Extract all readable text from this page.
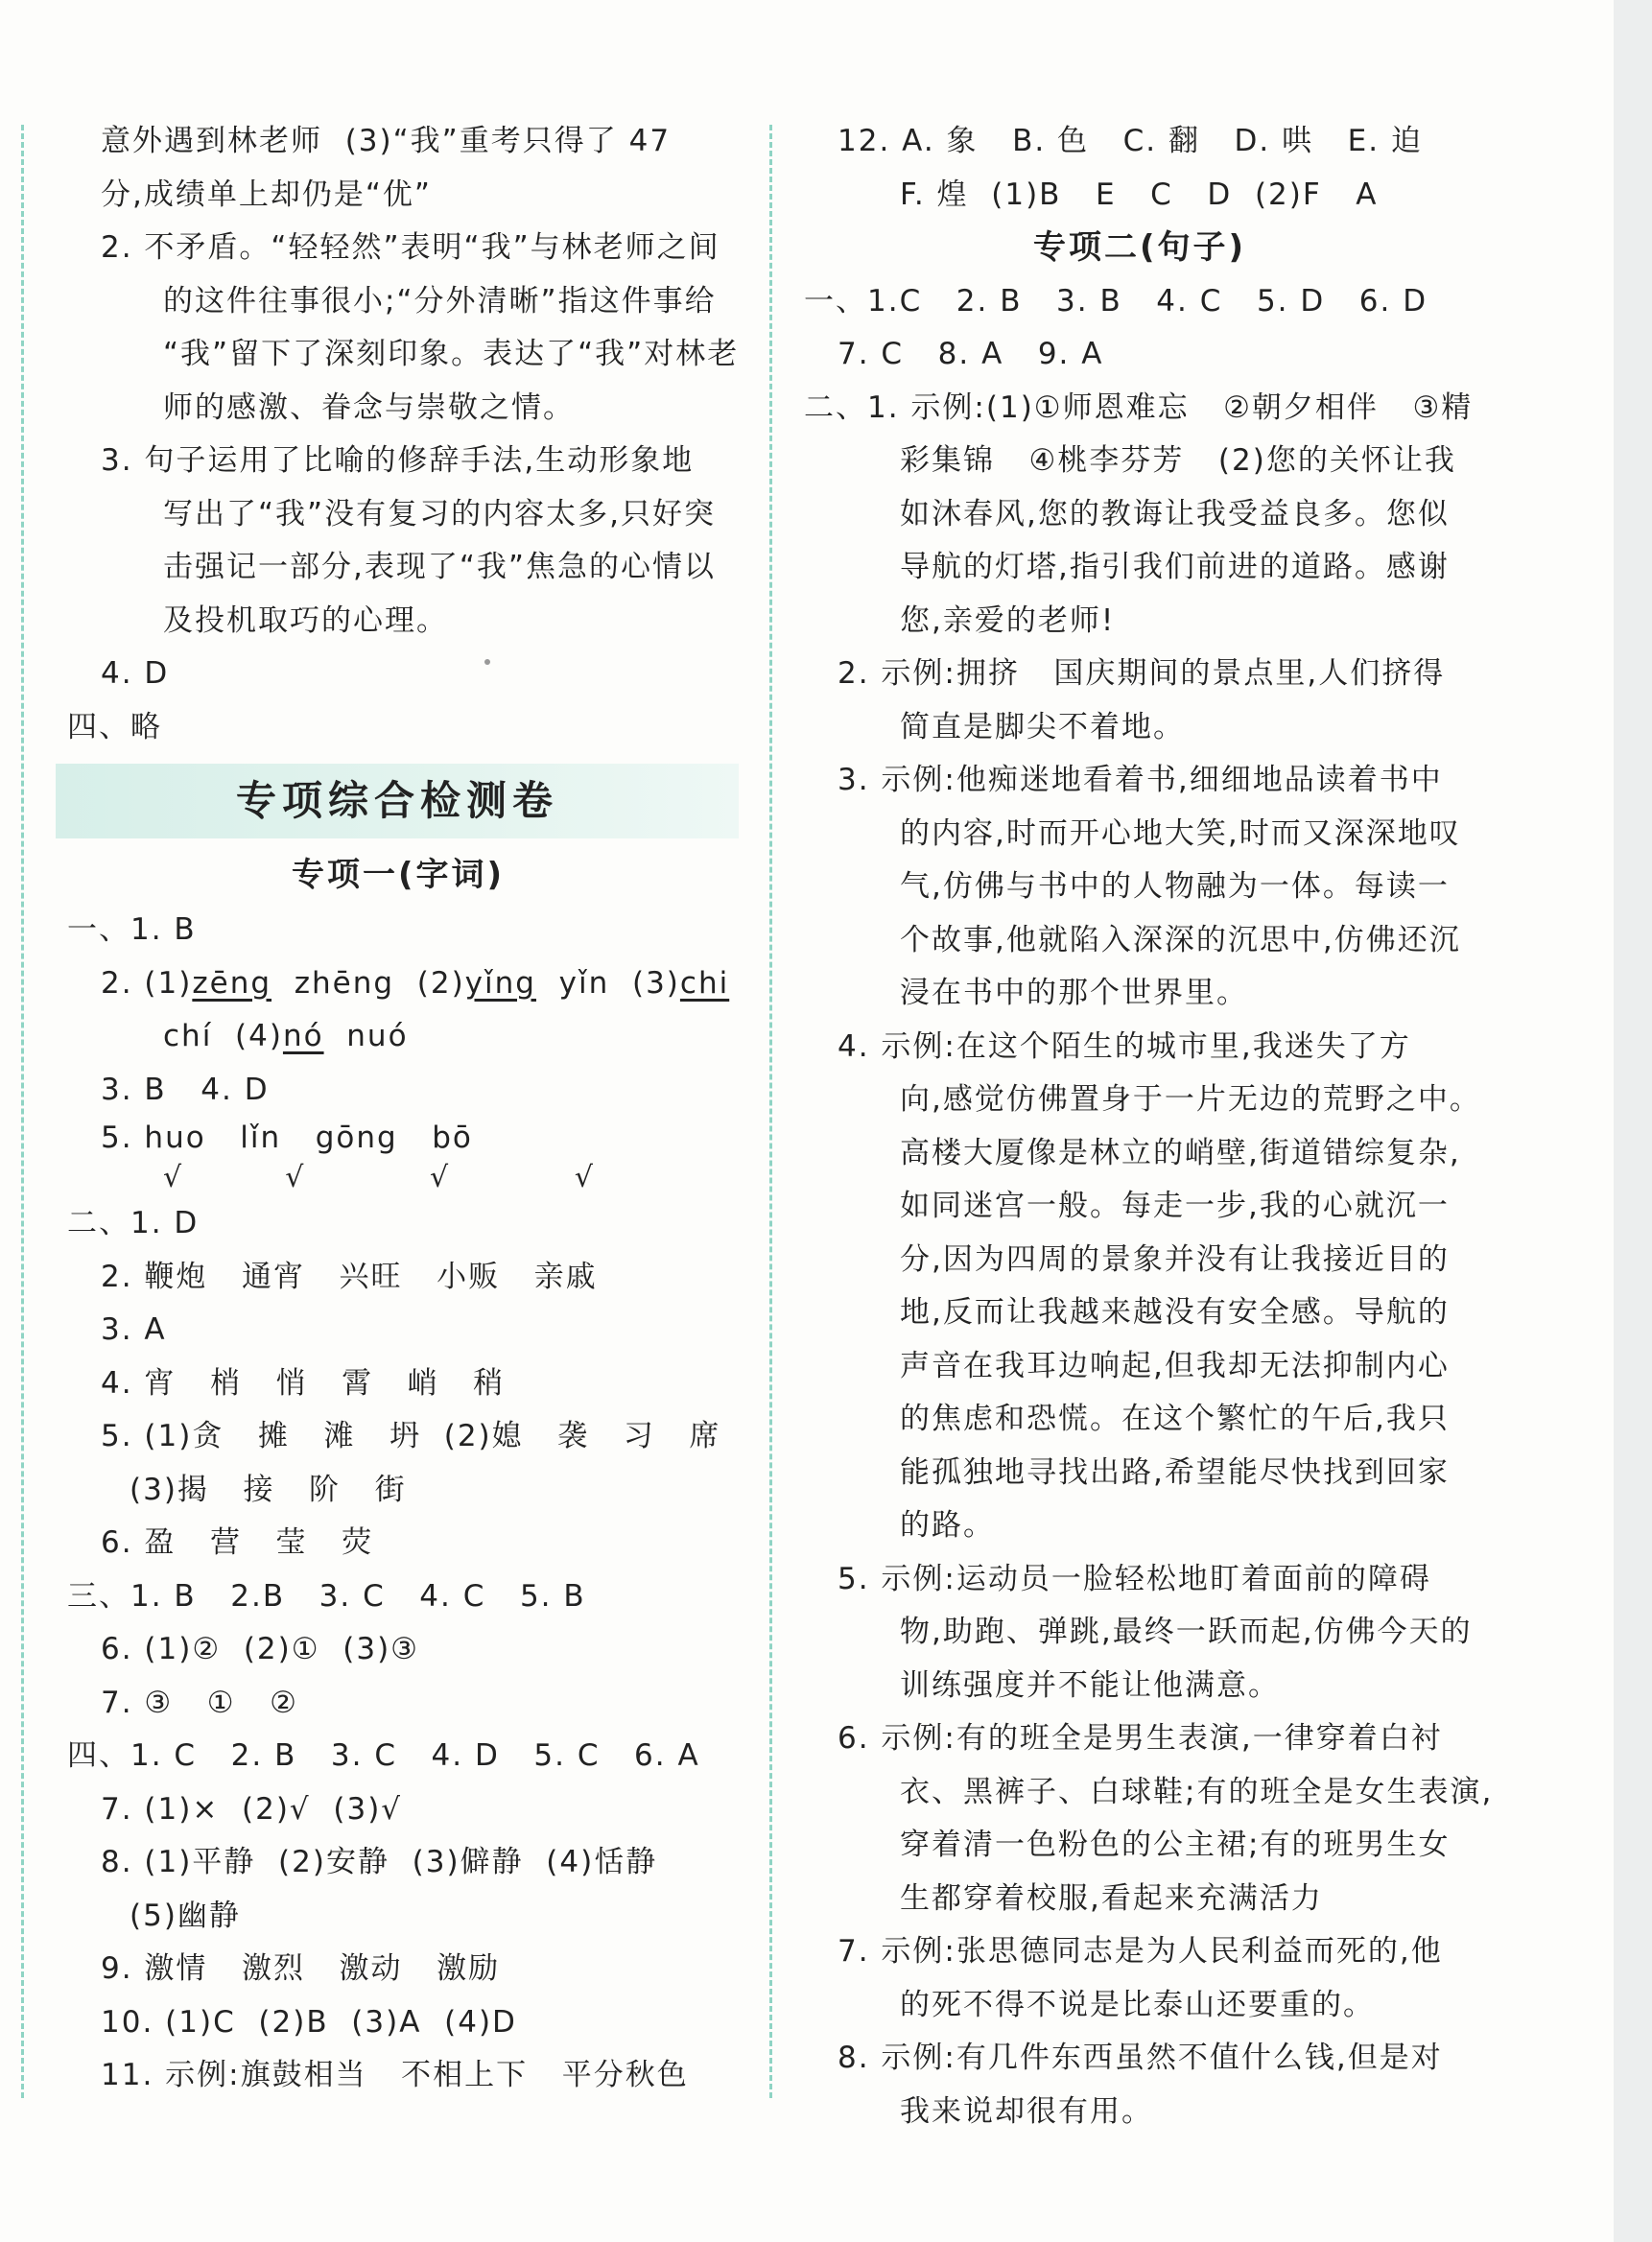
意外遇到林老师  (3)“我”重考只得了 47
分,成绩单上却仍是“优”
2. 不矛盾。“轻轻然”表明“我”与林老师之间
的这件往事很小;“分外清晰”指这件事给
“我”留下了深刻印象。表达了“我”对林老
师的感激、眷念与崇敬之情。
3. 句子运用了比喻的修辞手法,生动形象地
写出了“我”没有复习的内容太多,只好突
击强记一部分,表现了“我”焦急的心情以
及投机取巧的心理。
4. D
四、略
专项综合检测卷
专项一(字词)
一、1. B
2. (1)zēng  zhēng  (2)yǐng  yǐn  (3)chi
chí  (4)nó  nuó
3. B   4. D
5. huo   lǐn   gōng   bō
√    √     √     √
二、1. D
2. 鞭炮   通宵   兴旺   小贩   亲戚
3. A
4. 宵   梢   悄   霄   峭   稍
5. (1)贪   摊   滩   坍  (2)媳   袭   习   席
(3)揭   接   阶   街
6. 盈   营   莹   荧
三、1. B   2.B   3. C   4. C   5. B
6. (1)②  (2)①  (3)③
7. ③   ①   ②
四、1. C   2. B   3. C   4. D   5. C   6. A
7. (1)×  (2)√  (3)√
8. (1)平静  (2)安静  (3)僻静  (4)恬静
(5)幽静
9. 激情   激烈   激动   激励
10. (1)C  (2)B  (3)A  (4)D
11. 示例:旗鼓相当   不相上下   平分秋色
12. A. 象   B. 色   C. 翻   D. 哄   E. 迫
F. 煌  (1)B   E   C   D  (2)F   A
专项二(句子)
一、1.C   2. B   3. B   4. C   5. D   6. D
7. C   8. A   9. A
二、1. 示例:(1)①师恩难忘   ②朝夕相伴   ③精
彩集锦   ④桃李芬芳   (2)您的关怀让我
如沐春风,您的教诲让我受益良多。您似
导航的灯塔,指引我们前进的道路。感谢
您,亲爱的老师!
2. 示例:拥挤   国庆期间的景点里,人们挤得
简直是脚尖不着地。
3. 示例:他痴迷地看着书,细细地品读着书中
的内容,时而开心地大笑,时而又深深地叹
气,仿佛与书中的人物融为一体。每读一
个故事,他就陷入深深的沉思中,仿佛还沉
浸在书中的那个世界里。
4. 示例:在这个陌生的城市里,我迷失了方
向,感觉仿佛置身于一片无边的荒野之中。
高楼大厦像是林立的峭壁,街道错综复杂,
如同迷宫一般。每走一步,我的心就沉一
分,因为四周的景象并没有让我接近目的
地,反而让我越来越没有安全感。导航的
声音在我耳边响起,但我却无法抑制内心
的焦虑和恐慌。在这个繁忙的午后,我只
能孤独地寻找出路,希望能尽快找到回家
的路。
5. 示例:运动员一脸轻松地盯着面前的障碍
物,助跑、弹跳,最终一跃而起,仿佛今天的
训练强度并不能让他满意。
6. 示例:有的班全是男生表演,一律穿着白衬
衣、黑裤子、白球鞋;有的班全是女生表演,
穿着清一色粉色的公主裙;有的班男生女
生都穿着校服,看起来充满活力
7. 示例:张思德同志是为人民利益而死的,他
的死不得不说是比泰山还要重的。
8. 示例:有几件东西虽然不值什么钱,但是对
我来说却很有用。
